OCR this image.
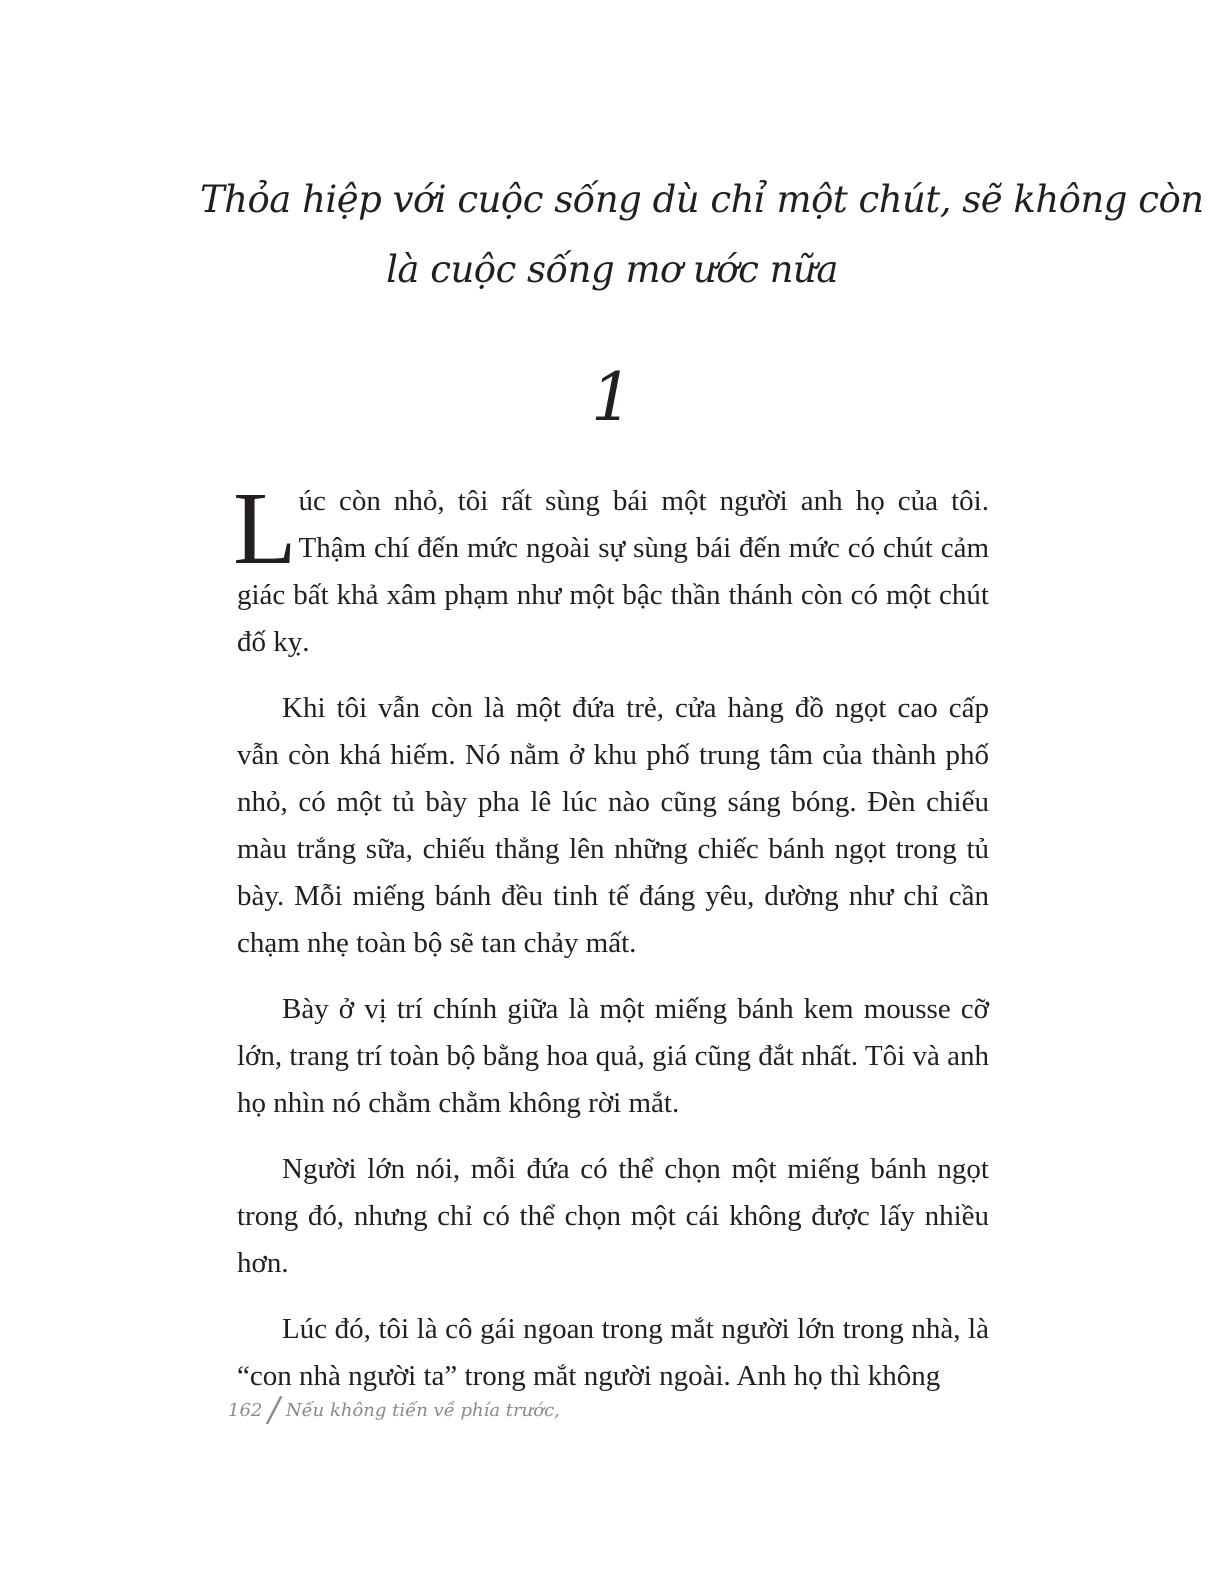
Thỏa hiệp với cuộc sống dù chỉ một chút, sẽ không còn
là cuộc sống mơ ước nữa
1

Lúc còn nhỏ, tôi rất sùng bái một người anh họ của tôi. Thậm chí đến mức ngoài sự sùng bái đến mức có chút cảm giác bất khả xâm phạm như một bậc thần thánh còn có một chút đố kỵ.

Khi tôi vẫn còn là một đứa trẻ, cửa hàng đồ ngọt cao cấp vẫn còn khá hiếm. Nó nằm ở khu phố trung tâm của thành phố nhỏ, có một tủ bày pha lê lúc nào cũng sáng bóng. Đèn chiếu màu trắng sữa, chiếu thẳng lên những chiếc bánh ngọt trong tủ bày. Mỗi miếng bánh đều tinh tế đáng yêu, dường như chỉ cần chạm nhẹ toàn bộ sẽ tan chảy mất.

Bày ở vị trí chính giữa là một miếng bánh kem mousse cỡ lớn, trang trí toàn bộ bằng hoa quả, giá cũng đắt nhất. Tôi và anh họ nhìn nó chằm chằm không rời mắt.

Người lớn nói, mỗi đứa có thể chọn một miếng bánh ngọt trong đó, nhưng chỉ có thể chọn một cái không được lấy nhiều hơn.

Lúc đó, tôi là cô gái ngoan trong mắt người lớn trong nhà, là “con nhà người ta” trong mắt người ngoài. Anh họ thì không

162 / Nếu không tiến về phía trước,
